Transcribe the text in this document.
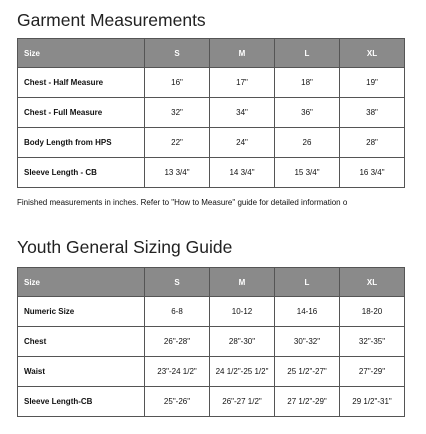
Garment Measurements
Size	S	M	L	XL
Chest - Half Measure	16"	17"	18"	19"
Chest - Full Measure	32"	34"	36"	38"
Body Length from HPS	22"	24"	26	28"
Sleeve Length - CB	13 3/4"	14 3/4"	15 3/4"	16 3/4"
Finished measurements in inches. Refer to "How to Measure" guide for detailed information o
Youth General Sizing Guide
Size	S	M	L	XL
Numeric Size	6-8	10-12	14-16	18-20
Chest	26"-28"	28"-30"	30"-32"	32"-35"
Waist	23"-24 1/2"	24 1/2"-25 1/2"	25 1/2"-27"	27"-29"
Sleeve Length-CB	25"-26"	26"-27 1/2"	27 1/2"-29"	29 1/2"-31"
